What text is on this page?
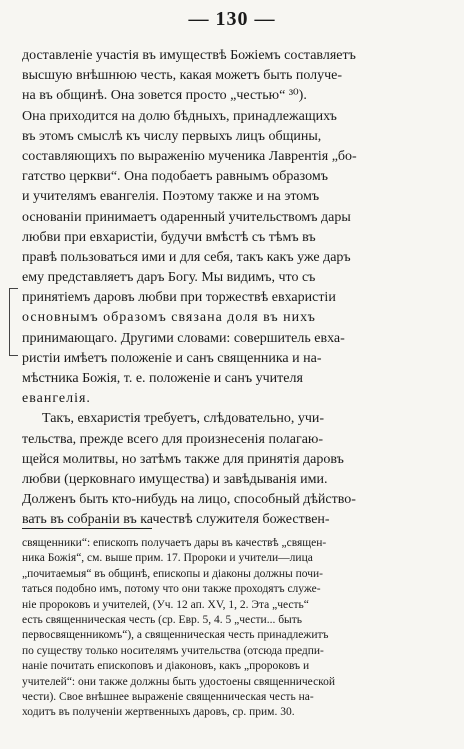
— 130 —
доставленіе участія въ имуществѣ Божіемъ составляетъ
высшую внѣшнюю честь, какая можетъ быть получе-
на въ общинѣ. Она зовется просто „честью“ ³⁰).
Она приходится на долю бѣдныхъ, принадлежащихъ
въ этомъ смыслѣ къ числу первыхъ лицъ общины,
составляющихъ по выраженію мученика Лаврентія „бо-
гатство церкви“. Она подобаетъ равнымъ образомъ
и учителямъ евангелія. Поэтому также и на этомъ
основаніи принимаетъ одаренный учительствомъ дары
любви при евхаристіи, будучи вмѣстѣ съ тѣмъ въ
правѣ пользоваться ими и для себя, такъ какъ уже даръ
ему представляетъ даръ Богу. Мы видимъ, что съ
принятіемъ даровъ любви при торжествѣ евхаристіи
основнымъ образомъ связана доля въ нихъ
принимающаго. Другими словами: совершитель евха-
ристіи имѣетъ положеніе и санъ священника и на-
мѣстника Божія, т. е. положеніе и санъ учителя
евангелія.
Такъ, евхаристія требуетъ, слѣдовательно, учи-
тельства, прежде всего для произнесенія полагаю-
щейся молитвы, но затѣмъ также для принятія даровъ
любви (церковнаго имущества) и завѣдыванія ими.
Долженъ быть кто-нибудь на лицо, способный дѣйство-
вать въ собраніи въ качествѣ служителя божествен-
священники“: епископъ получаетъ дары въ качествѣ „священ-
ника Божія“, см. выше прим. 17. Пророки и учители—лица
„почитаемыя“ въ общинѣ, епископы и діаконы должны почи-
таться подобно имъ, потому что они также проходятъ служе-
ніе пророковъ и учителей, (Уч. 12 ап. XV, 1, 2. Эта „честь“
есть священническая честь (ср. Евр. 5, 4. 5 „чести... быть
первосвященникомъ“), а священническая честь принадлежитъ
по существу только носителямъ учительства (отсюда предпи-
наніе почитать епископовъ и діаконовъ, какъ „пророковъ и
учителей“: они также должны быть удостоены священнической
чести). Свое внѣшнее выраженіе священническая честь на-
ходитъ въ полученіи жертвенныхъ даровъ, ср. прим. 30.
